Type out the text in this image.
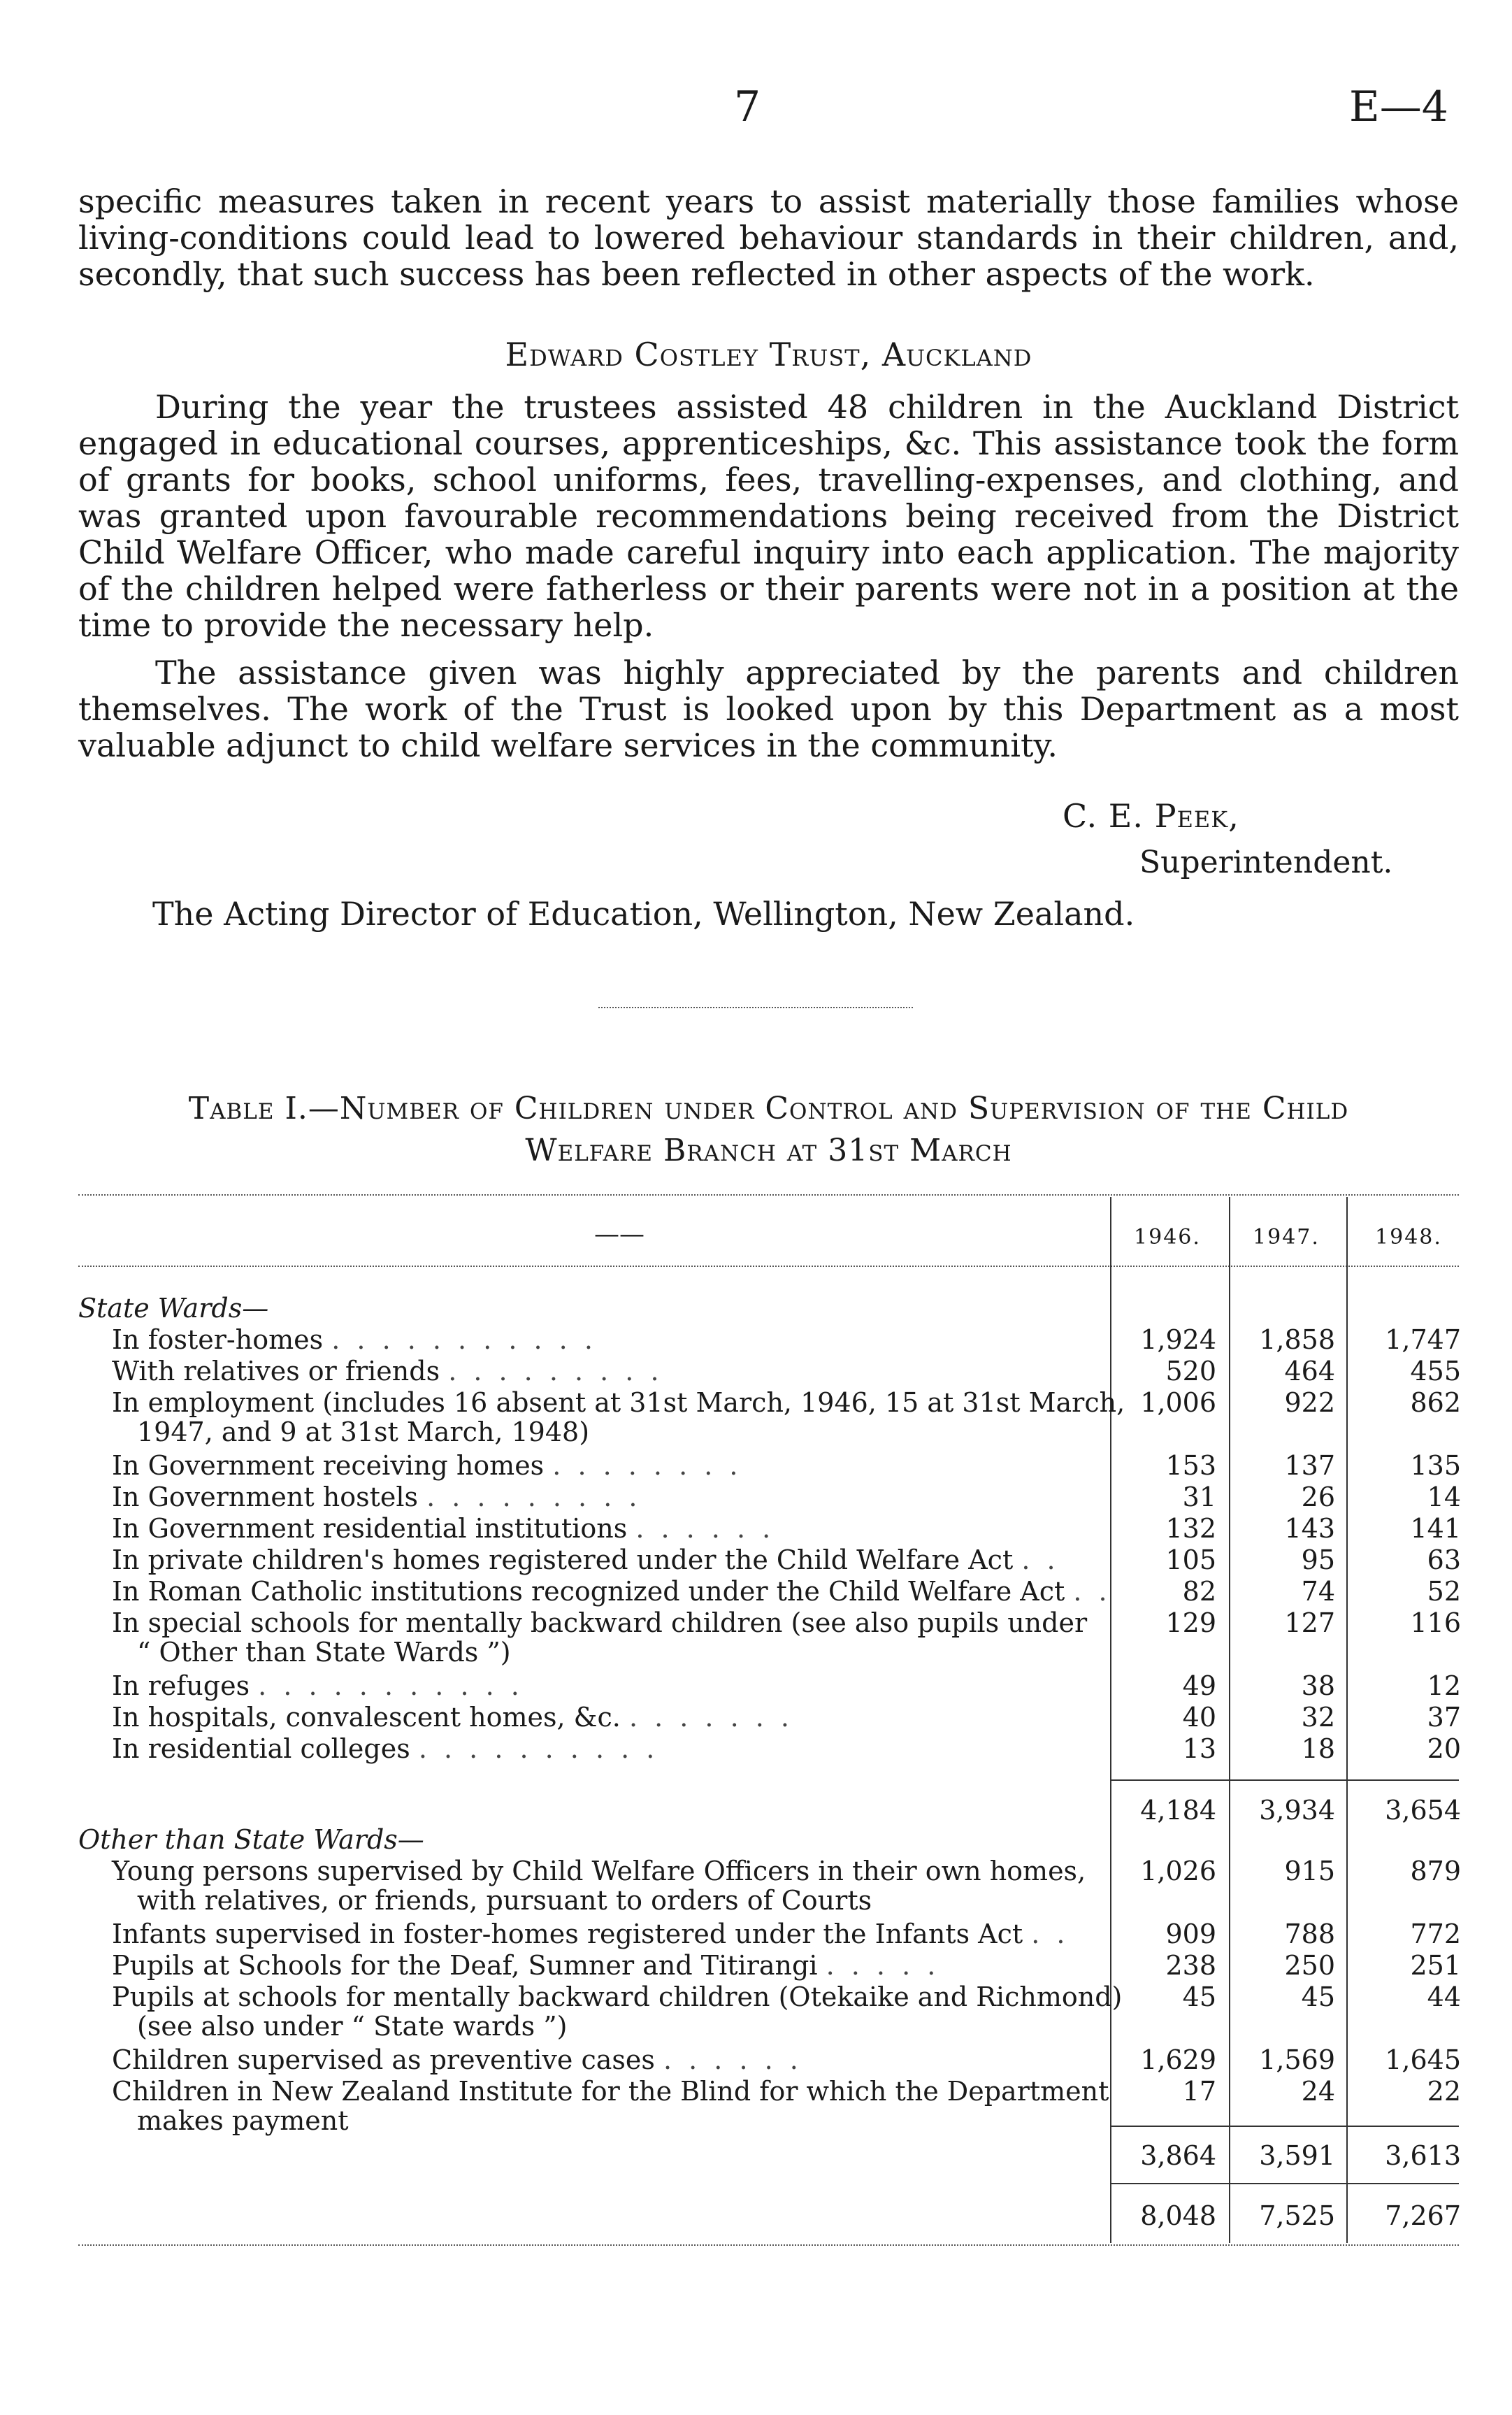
7	E—4
specific measures taken in recent years to assist materially those families whose living-conditions could lead to lowered behaviour standards in their children, and, secondly, that such success has been reflected in other aspects of the work.
Edward Costley Trust, Auckland
During the year the trustees assisted 48 children in the Auckland District engaged in educational courses, apprenticeships, &c. This assistance took the form of grants for books, school uniforms, fees, travelling-expenses, and clothing, and was granted upon favourable recommendations being received from the District Child Welfare Officer, who made careful inquiry into each application. The majority of the children helped were fatherless or their parents were not in a position at the time to provide the necessary help.
The assistance given was highly appreciated by the parents and children themselves. The work of the Trust is looked upon by this Department as a most valuable adjunct to child welfare services in the community.
C. E. Peek,
Superintendent.
The Acting Director of Education, Wellington, New Zealand.
Table I.—Number of Children under Control and Supervision of the Child
Welfare Branch at 31st March
——	1946.	1947.	1948.
State Wards—
In foster-homes . . . . . . . . . . .	1,924	1,858	1,747
With relatives or friends . . . . . . . . .	520	464	455
In employment (includes 16 absent at 31st March, 1946, 15 at 31st March,
1947, and 9 at 31st March, 1948)
1,006	922	862
In Government receiving homes . . . . . . . .	153	137	135
In Government hostels . . . . . . . . .	31	26	14
In Government residential institutions . . . . . .	132	143	141
In private children's homes registered under the Child Welfare Act . .	105	95	63
In Roman Catholic institutions recognized under the Child Welfare Act . .	82	74	52
In special schools for mentally backward children (see also pupils under
“ Other than State Wards ”)
129	127	116
In refuges . . . . . . . . . . .	49	38	12
In hospitals, convalescent homes, &c. . . . . . . .	40	32	37
In residential colleges . . . . . . . . . .	13	18	20
4,184	3,934	3,654
Other than State Wards—
Young persons supervised by Child Welfare Officers in their own homes,
with relatives, or friends, pursuant to orders of Courts
1,026	915	879
Infants supervised in foster-homes registered under the Infants Act . .	909	788	772
Pupils at Schools for the Deaf, Sumner and Titirangi . . . . .	238	250	251
Pupils at schools for mentally backward children (Otekaike and Richmond)
(see also under “ State wards ”)
45	45	44
Children supervised as preventive cases . . . . . .	1,629	1,569	1,645
Children in New Zealand Institute for the Blind for which the Department
makes payment
17	24	22
3,864	3,591	3,613
8,048	7,525	7,267
